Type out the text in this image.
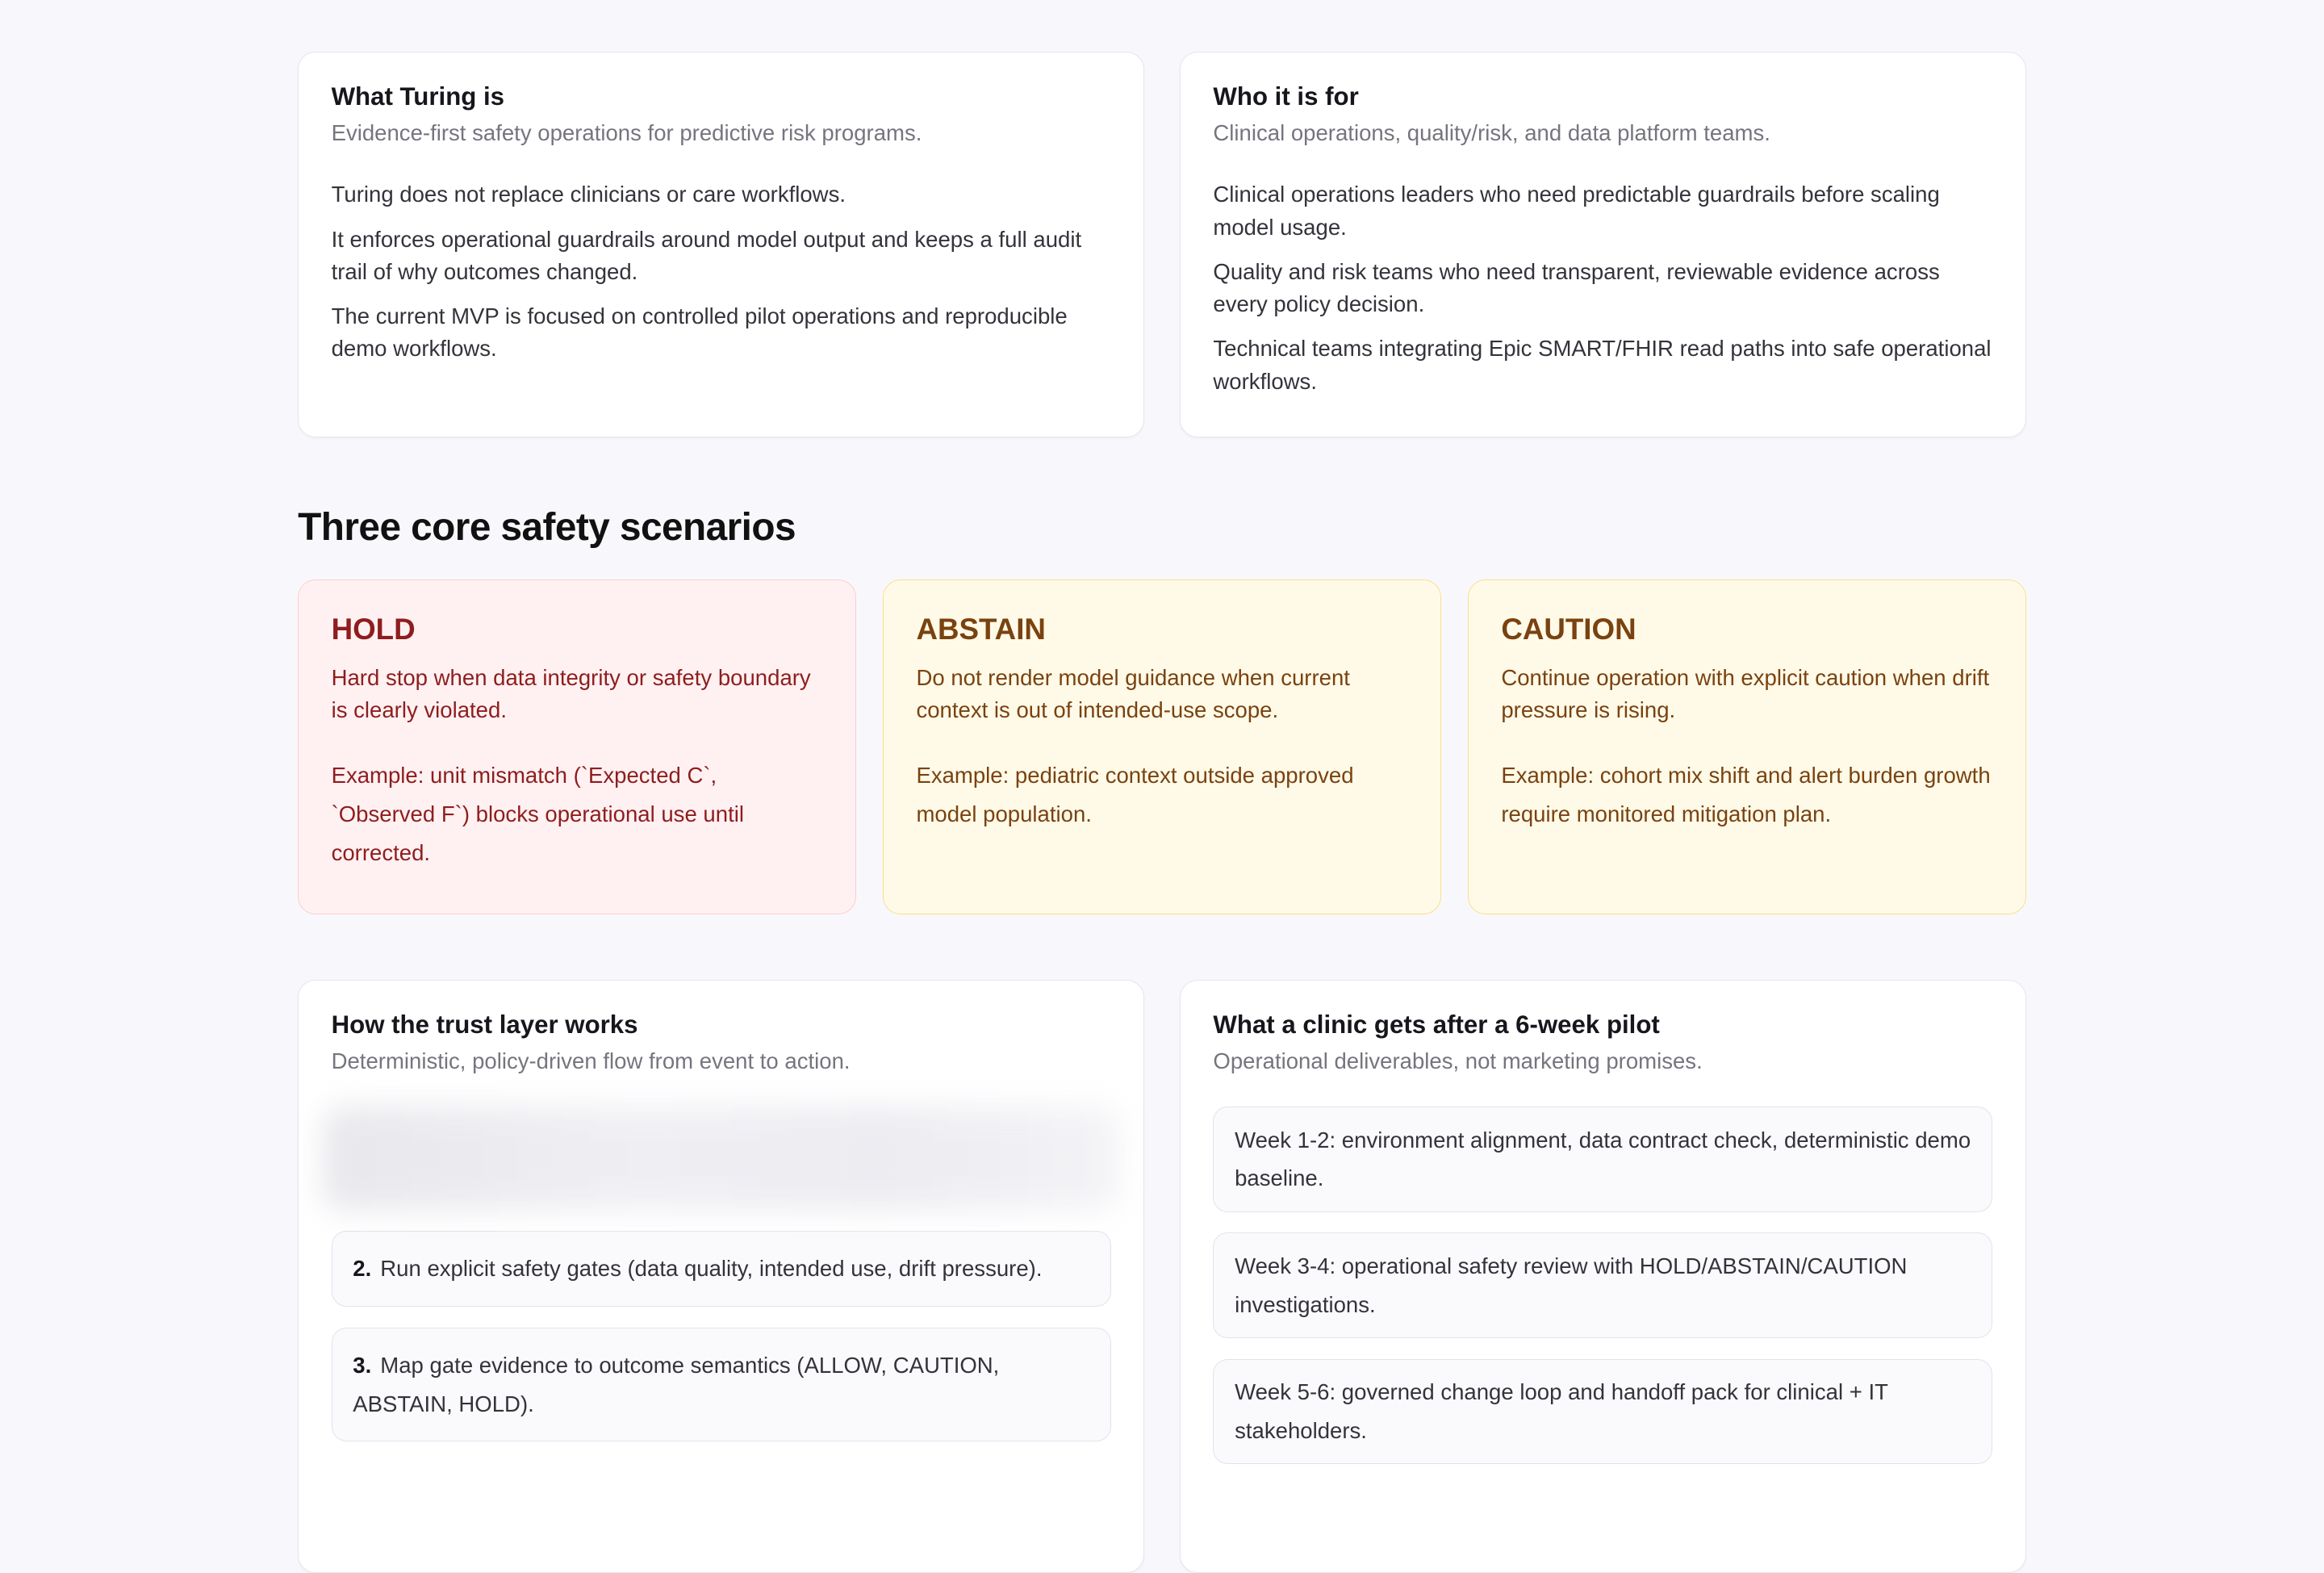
What Turing is
Evidence-first safety operations for predictive risk programs.

Turing does not replace clinicians or care workflows.

It enforces operational guardrails around model output and keeps a full audit trail of why outcomes changed.

The current MVP is focused on controlled pilot operations and reproducible demo workflows.

Who it is for
Clinical operations, quality/risk, and data platform teams.

Clinical operations leaders who need predictable guardrails before scaling model usage.

Quality and risk teams who need transparent, reviewable evidence across every policy decision.

Technical teams integrating Epic SMART/FHIR read paths into safe operational workflows.

Three core safety scenarios
HOLD

Hard stop when data integrity or safety boundary is clearly violated.

Example: unit mismatch (`Expected C`, `Observed F`) blocks operational use until corrected.

ABSTAIN

Do not render model guidance when current context is out of intended-use scope.

Example: pediatric context outside approved model population.

CAUTION

Continue operation with explicit caution when drift pressure is rising.

Example: cohort mix shift and alert burden growth require monitored mitigation plan.

How the trust layer works
Deterministic, policy-driven flow from event to action.
2. Run explicit safety gates (data quality, intended use, drift pressure).
3. Map gate evidence to outcome semantics (ALLOW, CAUTION, ABSTAIN, HOLD).
What a clinic gets after a 6-week pilot
Operational deliverables, not marketing promises.
Week 1-2: environment alignment, data contract check, deterministic demo baseline.
Week 3-4: operational safety review with HOLD/ABSTAIN/CAUTION investigations.
Week 5-6: governed change loop and handoff pack for clinical + IT stakeholders.
